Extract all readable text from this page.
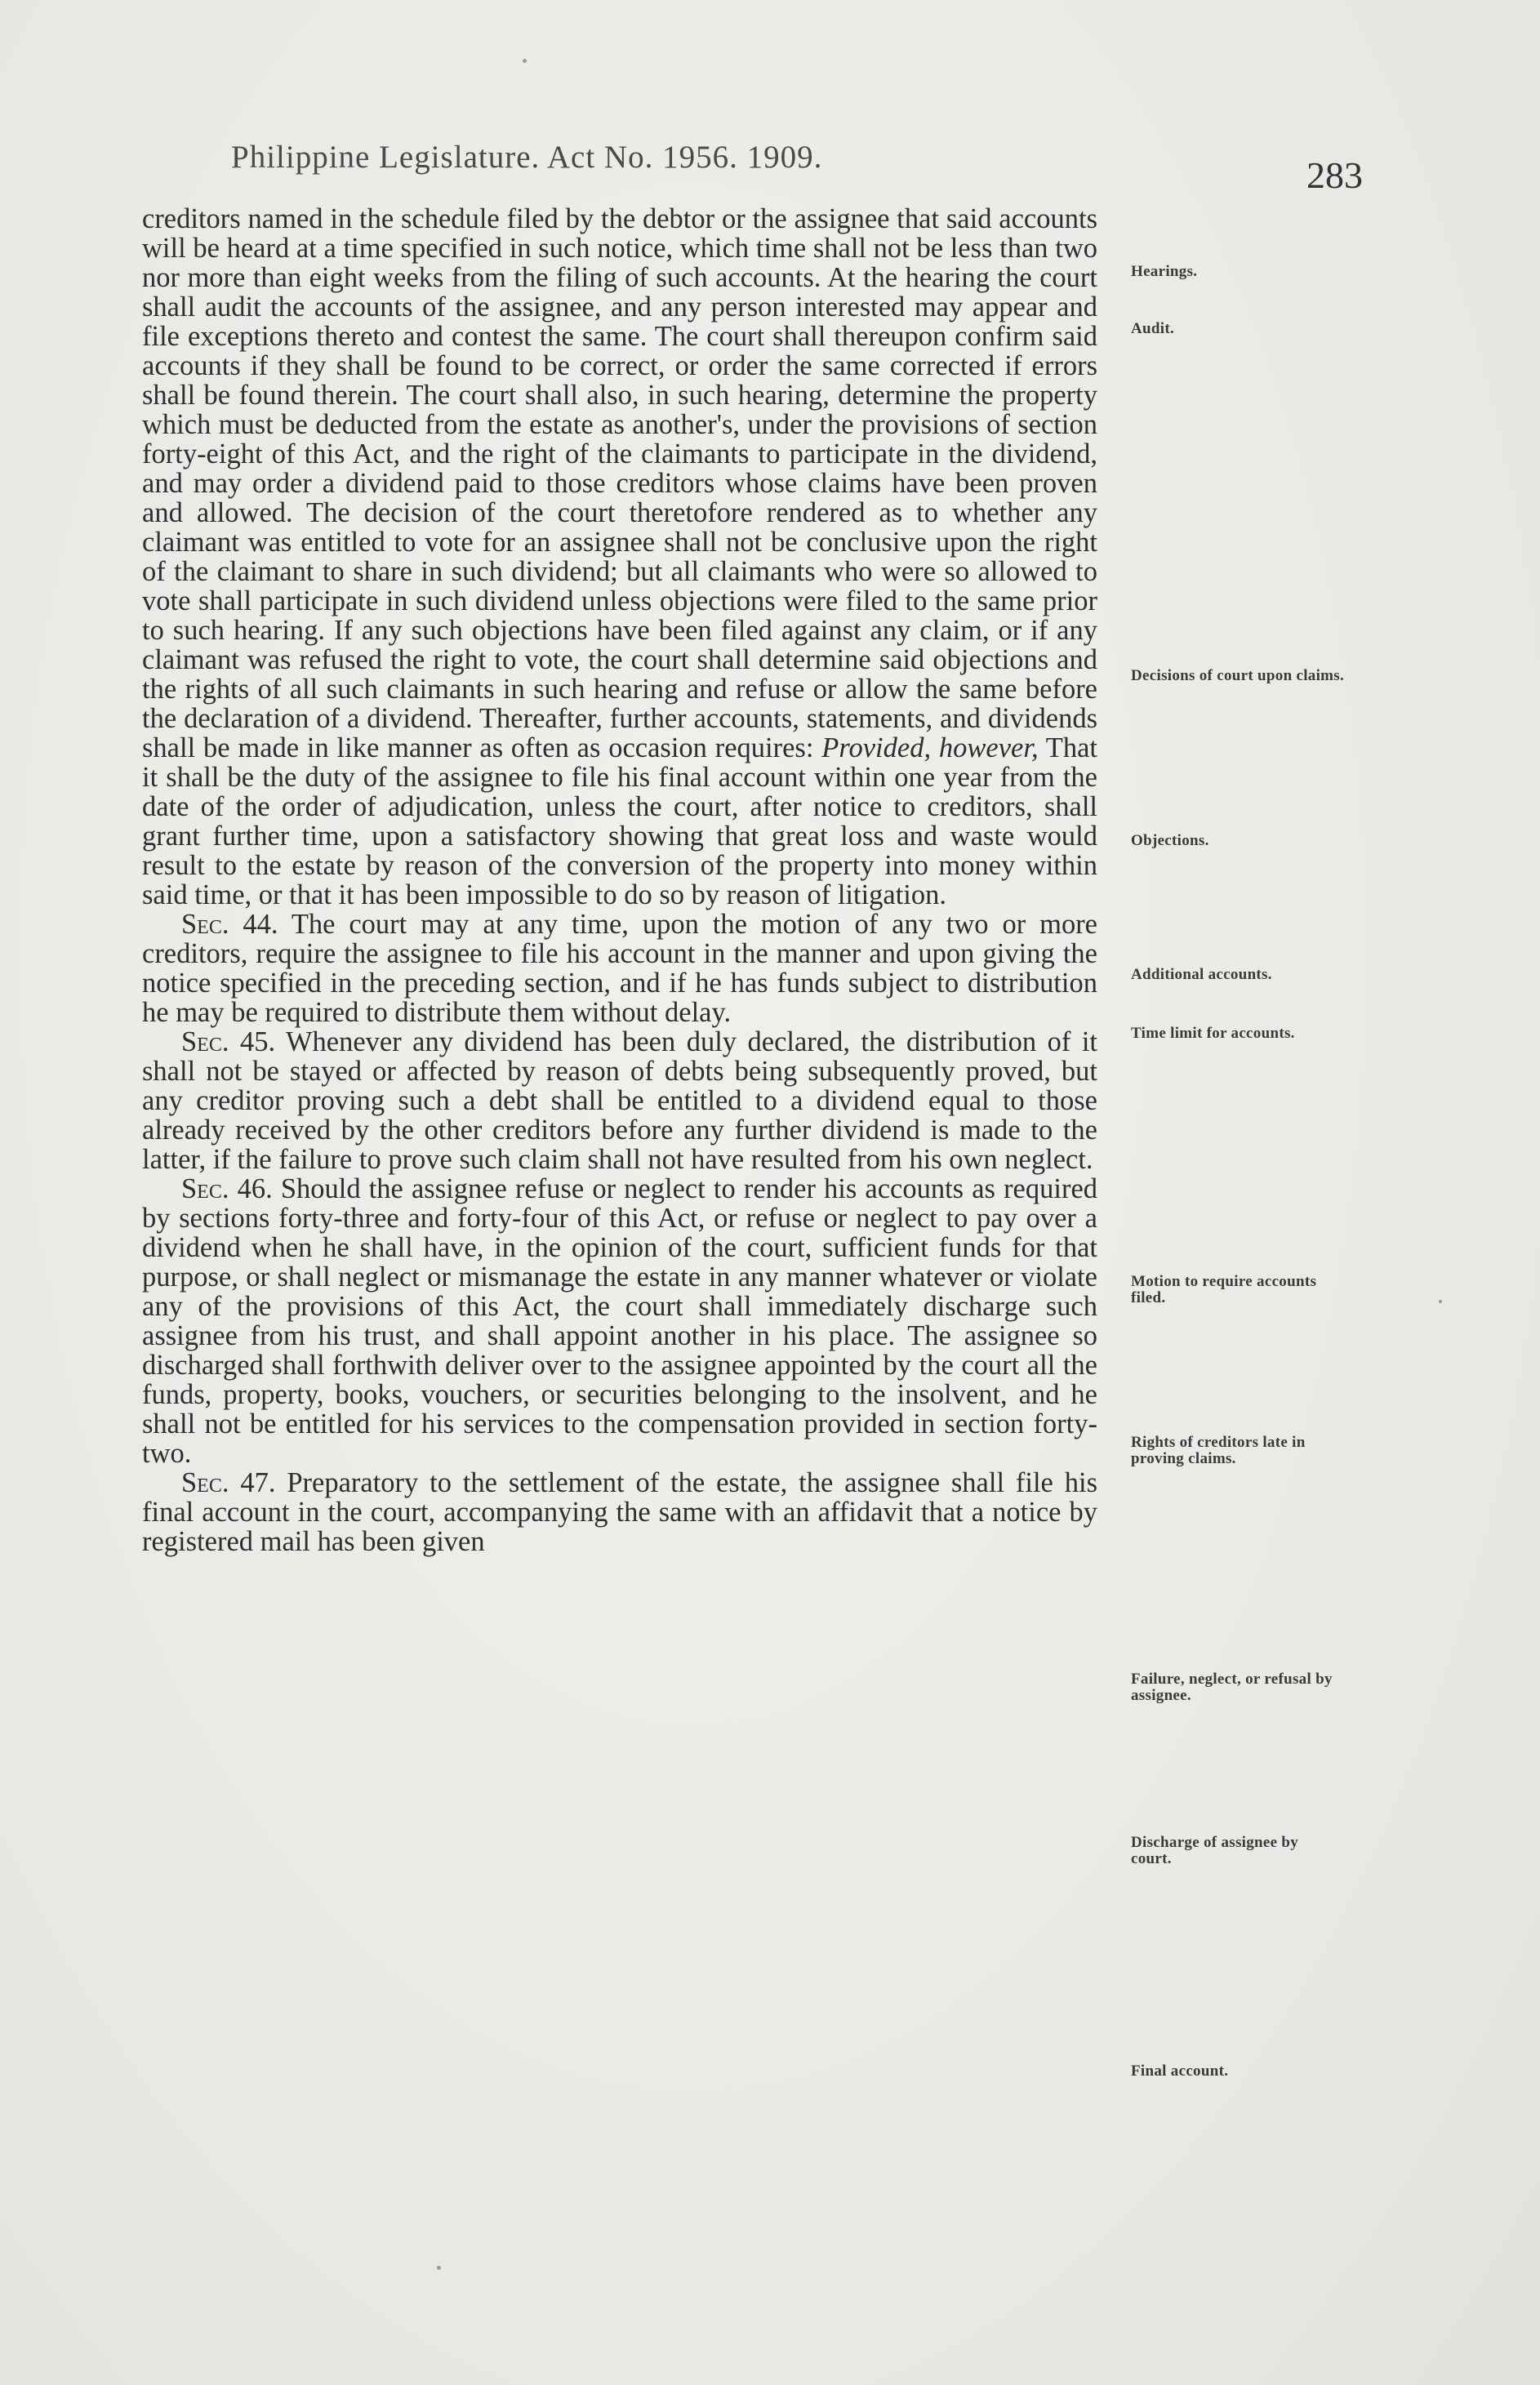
Philippine Legislature. Act No. 1956. 1909.	283

creditors named in the schedule filed by the debtor or the assignee that said accounts will be heard at a time specified in such notice, which time shall not be less than two nor more than eight weeks from the filing of such accounts. At the hearing the court shall audit the accounts of the assignee, and any person interested may appear and file exceptions thereto and contest the same. The court shall thereupon confirm said accounts if they shall be found to be correct, or order the same corrected if errors shall be found therein. The court shall also, in such hearing, determine the property which must be deducted from the estate as another's, under the provisions of section forty-eight of this Act, and the right of the claimants to participate in the dividend, and may order a dividend paid to those creditors whose claims have been proven and allowed. The decision of the court theretofore rendered as to whether any claimant was entitled to vote for an assignee shall not be conclusive upon the right of the claimant to share in such dividend; but all claimants who were so allowed to vote shall participate in such dividend unless objections were filed to the same prior to such hearing. If any such objections have been filed against any claim, or if any claimant was refused the right to vote, the court shall determine said objections and the rights of all such claimants in such hearing and refuse or allow the same before the declaration of a dividend. Thereafter, further accounts, statements, and dividends shall be made in like manner as often as occasion requires: Provided, however, That it shall be the duty of the assignee to file his final account within one year from the date of the order of adjudication, unless the court, after notice to creditors, shall grant further time, upon a satisfactory showing that great loss and waste would result to the estate by reason of the conversion of the property into money within said time, or that it has been impossible to do so by reason of litigation.

Sec. 44. The court may at any time, upon the motion of any two or more creditors, require the assignee to file his account in the manner and upon giving the notice specified in the preceding section, and if he has funds subject to distribution he may be required to distribute them without delay.

Sec. 45. Whenever any dividend has been duly declared, the distribution of it shall not be stayed or affected by reason of debts being subsequently proved, but any creditor proving such a debt shall be entitled to a dividend equal to those already received by the other creditors before any further dividend is made to the latter, if the failure to prove such claim shall not have resulted from his own neglect.

Sec. 46. Should the assignee refuse or neglect to render his accounts as required by sections forty-three and forty-four of this Act, or refuse or neglect to pay over a dividend when he shall have, in the opinion of the court, sufficient funds for that purpose, or shall neglect or mismanage the estate in any manner whatever or violate any of the provisions of this Act, the court shall immediately discharge such assignee from his trust, and shall appoint another in his place. The assignee so discharged shall forthwith deliver over to the assignee appointed by the court all the funds, property, books, vouchers, or securities belonging to the insolvent, and he shall not be entitled for his services to the compensation provided in section forty-two.

Sec. 47. Preparatory to the settlement of the estate, the assignee shall file his final account in the court, accompanying the same with an affidavit that a notice by registered mail has been given

Hearings.
Audit.
Decisions of court upon claims.
Objections.
Additional accounts.
Time limit for accounts.
Motion to require accounts filed.
Rights of creditors late in proving claims.
Failure, neglect, or refusal by assignee.
Discharge of assignee by court.
Final account.
